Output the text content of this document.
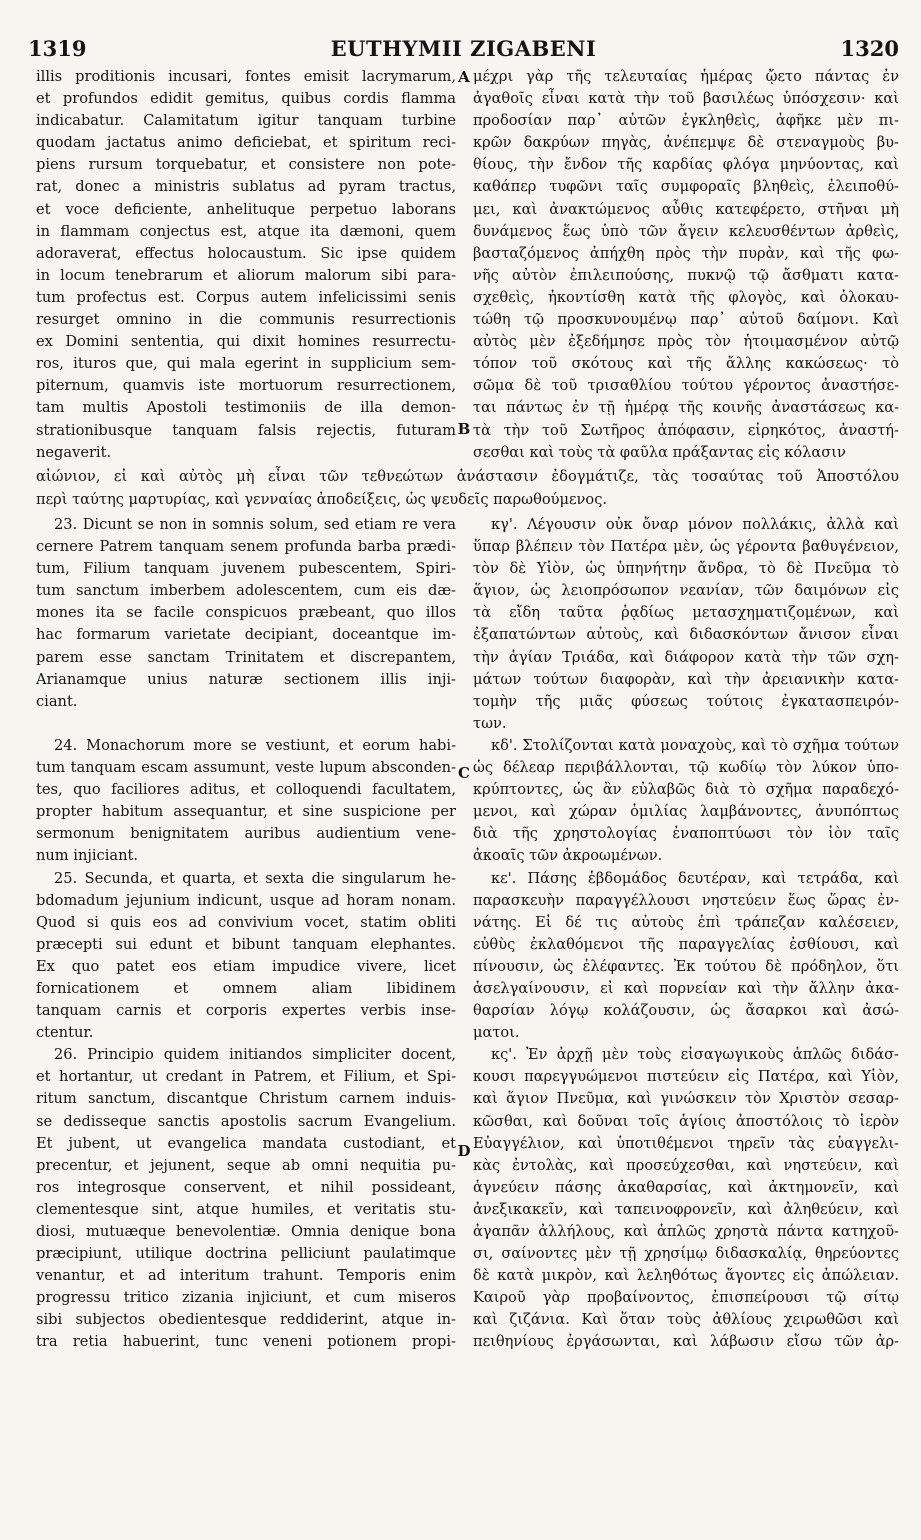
1319	EUTHYMII ZIGABENI	1320
A
B
C
D
illis proditionis incusari, fontes emisit lacrymarum,
et profundos edidit gemitus, quibus cordis flamma
indicabatur. Calamitatum igitur tanquam turbine
quodam jactatus animo deficiebat, et spiritum reci-
piens rursum torquebatur, et consistere non pote-
rat, donec a ministris sublatus ad pyram tractus,
et voce deficiente, anhelituque perpetuo laborans
in flammam conjectus est, atque ita dæmoni, quem
adoraverat, effectus holocaustum. Sic ipse quidem
in locum tenebrarum et aliorum malorum sibi para-
tum profectus est. Corpus autem infelicissimi senis
resurget omnino in die communis resurrectionis
ex Domini sententia, qui dixit homines resurrectu-
ros, ituros que, qui mala egerint in supplicium sem-
piternum, quamvis iste mortuorum resurrectionem,
tam multis Apostoli testimoniis de illa demon-
strationibusque tanquam falsis rejectis, futuram
negaverit.
μέχρι γὰρ τῆς τελευταίας ἡμέρας ᾤετο πάντας ἐν
ἀγαθοῖς εἶναι κατὰ τὴν τοῦ βασιλέως ὑπόσχεσιν· καὶ
προδοσίαν παρ᾽ αὐτῶν ἐγκληθεὶς, ἀφῆκε μὲν πι-
κρῶν δακρύων πηγὰς, ἀνέπεμψε δὲ στεναγμοὺς βυ-
θίους, τὴν ἔνδον τῆς καρδίας φλόγα μηνύοντας, καὶ
καθάπερ τυφῶνι ταῖς συμφοραῖς βληθεὶς, ἐλειποθύ-
μει, καὶ ἀνακτώμενος αὖθις κατεφέρετο, στῆναι μὴ
δυνάμενος ἕως ὑπὸ τῶν ἄγειν κελευσθέντων ἀρθεὶς,
βασταζόμενος ἀπήχθη πρὸς τὴν πυρὰν, καὶ τῆς φω-
νῆς αὐτὸν ἐπιλειπούσης, πυκνῷ τῷ ἄσθματι κατα-
σχεθεὶς, ἠκοντίσθη κατὰ τῆς φλογὸς, καὶ ὁλοκαυ-
τώθη τῷ προσκυνουμένῳ παρ᾽ αὐτοῦ δαίμονι. Καὶ
αὐτὸς μὲν ἐξεδήμησε πρὸς τὸν ἡτοιμασμένον αὐτῷ
τόπον τοῦ σκότους καὶ τῆς ἄλλης κακώσεως· τὸ
σῶμα δὲ τοῦ τρισαθλίου τούτου γέροντος ἀναστήσε-
ται πάντως ἐν τῇ ἡμέρᾳ τῆς κοινῆς ἀναστάσεως κα-
τὰ τὴν τοῦ Σωτῆρος ἀπόφασιν, εἰρηκότος, ἀναστή-
σεσθαι καὶ τοὺς τὰ φαῦλα πράξαντας εἰς κόλασιν
αἰώνιον, εἰ καὶ αὐτὸς μὴ εἶναι τῶν τεθνεώτων ἀνάστασιν ἐδογμάτιζε, τὰς τοσαύτας τοῦ Ἀποστόλου
περὶ ταύτης μαρτυρίας, καὶ γενναίας ἀποδείξεις, ὡς ψευδεῖς παρωθούμενος.
23. Dicunt se non in somnis solum, sed etiam re vera
cernere Patrem tanquam senem profunda barba prædi-
tum, Filium tanquam juvenem pubescentem, Spiri-
tum sanctum imberbem adolescentem, cum eis dæ-
mones ita se facile conspicuos præbeant, quo illos
hac formarum varietate decipiant, doceantque im-
parem esse sanctam Trinitatem et discrepantem,
Arianamque unius naturæ sectionem illis inji-
ciant.
24. Monachorum more se vestiunt, et eorum habi-
tum tanquam escam assumunt, veste lupum absconden-
tes, quo faciliores aditus, et colloquendi facultatem,
propter habitum assequantur, et sine suspicione per
sermonum benignitatem auribus audientium vene-
num injiciant.
25. Secunda, et quarta, et sexta die singularum he-
bdomadum jejunium indicunt, usque ad horam nonam.
Quod si quis eos ad convivium vocet, statim obliti
præcepti sui edunt et bibunt tanquam elephantes.
Ex quo patet eos etiam impudice vivere, licet
fornicationem et omnem aliam libidinem
tanquam carnis et corporis expertes verbis inse-
ctentur.
26. Principio quidem initiandos simpliciter docent,
et hortantur, ut credant in Patrem, et Filium, et Spi-
ritum sanctum, discantque Christum carnem induis-
se dedisseque sanctis apostolis sacrum Evangelium.
Et jubent, ut evangelica mandata custodiant, et
precentur, et jejunent, seque ab omni nequitia pu-
ros integrosque conservent, et nihil possideant,
clementesque sint, atque humiles, et veritatis stu-
diosi, mutuæque benevolentiæ. Omnia denique bona
præcipiunt, utilique doctrina pelliciunt paulatimque
venantur, et ad interitum trahunt. Temporis enim
progressu tritico zizania injiciunt, et cum miseros
sibi subjectos obedientesque reddiderint, atque in-
tra retia habuerint, tunc veneni potionem propi-
κγ'. Λέγουσιν οὐκ ὄναρ μόνον πολλάκις, ἀλλὰ καὶ
ὕπαρ βλέπειν τὸν Πατέρα μὲν, ὡς γέροντα βαθυγένειον,
τὸν δὲ Υἱὸν, ὡς ὑπηνήτην ἄνδρα, τὸ δὲ Πνεῦμα τὸ
ἅγιον, ὡς λειοπρόσωπον νεανίαν, τῶν δαιμόνων εἰς
τὰ εἴδη ταῦτα ῥᾳδίως μετασχηματιζομένων, καὶ
ἐξαπατώντων αὐτοὺς, καὶ διδασκόντων ἄνισον εἶναι
τὴν ἁγίαν Τριάδα, καὶ διάφορον κατὰ τὴν τῶν σχη-
μάτων τούτων διαφορὰν, καὶ τὴν ἀρειανικὴν κατα-
τομὴν τῆς μιᾶς φύσεως τούτοις ἐγκατασπειρόν-
των.
κδ'. Στολίζονται κατὰ μοναχοὺς, καὶ τὸ σχῆμα τούτων
ὡς δέλεαρ περιβάλλονται, τῷ κωδίῳ τὸν λύκον ὑπο-
κρύπτοντες, ὡς ἂν εὐλαβῶς διὰ τὸ σχῆμα παραδεχό-
μενοι, καὶ χώραν ὁμιλίας λαμβάνοντες, ἀνυπόπτως
διὰ τῆς χρηστολογίας ἐναποπτύωσι τὸν ἰὸν ταῖς
ἀκοαῖς τῶν ἀκροωμένων.
κε'. Πάσης ἑβδομάδος δευτέραν, καὶ τετράδα, καὶ
παρασκευὴν παραγγέλλουσι νηστεύειν ἕως ὥρας ἐν-
νάτης. Εἰ δέ τις αὐτοὺς ἐπὶ τράπεζαν καλέσειεν,
εὐθὺς ἐκλαθόμενοι τῆς παραγγελίας ἐσθίουσι, καὶ
πίνουσιν, ὡς ἐλέφαντες. Ἐκ τούτου δὲ πρόδηλον, ὅτι
ἀσελγαίνουσιν, εἰ καὶ πορνείαν καὶ τὴν ἄλλην ἀκα-
θαρσίαν λόγῳ κολάζουσιν, ὡς ἄσαρκοι καὶ ἀσώ-
ματοι.
κς'. Ἐν ἀρχῇ μὲν τοὺς εἰσαγωγικοὺς ἁπλῶς διδάσ-
κουσι παρεγγυώμενοι πιστεύειν εἰς Πατέρα, καὶ Υἱὸν,
καὶ ἅγιον Πνεῦμα, καὶ γινώσκειν τὸν Χριστὸν σεσαρ-
κῶσθαι, καὶ δοῦναι τοῖς ἁγίοις ἀποστόλοις τὸ ἱερὸν
Εὐαγγέλιον, καὶ ὑποτιθέμενοι τηρεῖν τὰς εὐαγγελι-
κὰς ἐντολὰς, καὶ προσεύχεσθαι, καὶ νηστεύειν, καὶ
ἁγνεύειν πάσης ἀκαθαρσίας, καὶ ἀκτημονεῖν, καὶ
ἀνεξικακεῖν, καὶ ταπεινοφρονεῖν, καὶ ἀληθεύειν, καὶ
ἀγαπᾶν ἀλλήλους, καὶ ἁπλῶς χρηστὰ πάντα κατηχοῦ-
σι, σαίνοντες μὲν τῇ χρησίμῳ διδασκαλίᾳ, θηρεύοντες
δὲ κατὰ μικρὸν, καὶ λεληθότως ἄγοντες εἰς ἀπώλειαν.
Καιροῦ γὰρ προβαίνοντος, ἐπισπείρουσι τῷ σίτῳ
καὶ ζιζάνια. Καὶ ὅταν τοὺς ἀθλίους χειρωθῶσι καὶ
πειθηνίους ἐργάσωνται, καὶ λάβωσιν εἴσω τῶν ἀρ-
